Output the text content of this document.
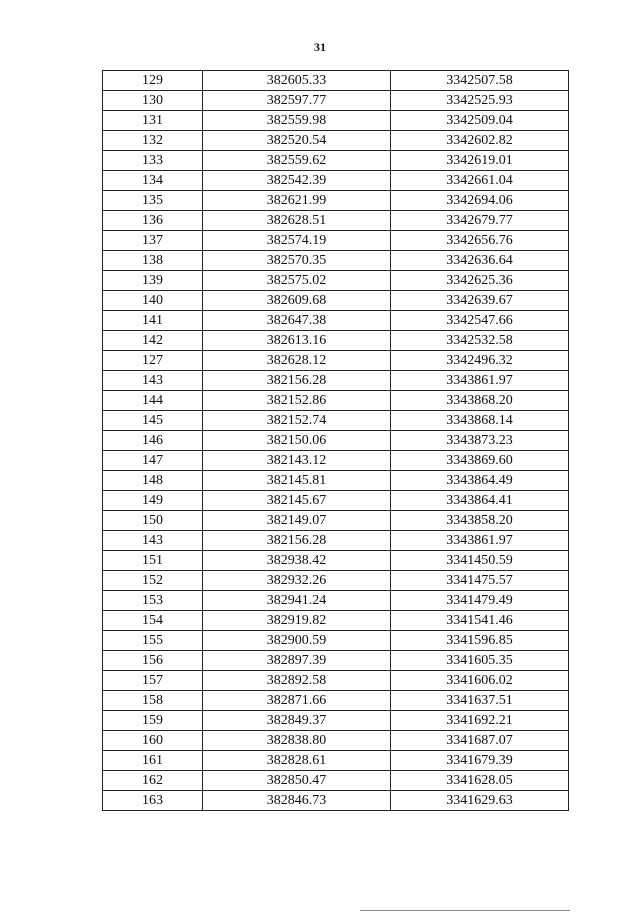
31
129	382605.33	3342507.58
130	382597.77	3342525.93
131	382559.98	3342509.04
132	382520.54	3342602.82
133	382559.62	3342619.01
134	382542.39	3342661.04
135	382621.99	3342694.06
136	382628.51	3342679.77
137	382574.19	3342656.76
138	382570.35	3342636.64
139	382575.02	3342625.36
140	382609.68	3342639.67
141	382647.38	3342547.66
142	382613.16	3342532.58
127	382628.12	3342496.32
143	382156.28	3343861.97
144	382152.86	3343868.20
145	382152.74	3343868.14
146	382150.06	3343873.23
147	382143.12	3343869.60
148	382145.81	3343864.49
149	382145.67	3343864.41
150	382149.07	3343858.20
143	382156.28	3343861.97
151	382938.42	3341450.59
152	382932.26	3341475.57
153	382941.24	3341479.49
154	382919.82	3341541.46
155	382900.59	3341596.85
156	382897.39	3341605.35
157	382892.58	3341606.02
158	382871.66	3341637.51
159	382849.37	3341692.21
160	382838.80	3341687.07
161	382828.61	3341679.39
162	382850.47	3341628.05
163	382846.73	3341629.63
